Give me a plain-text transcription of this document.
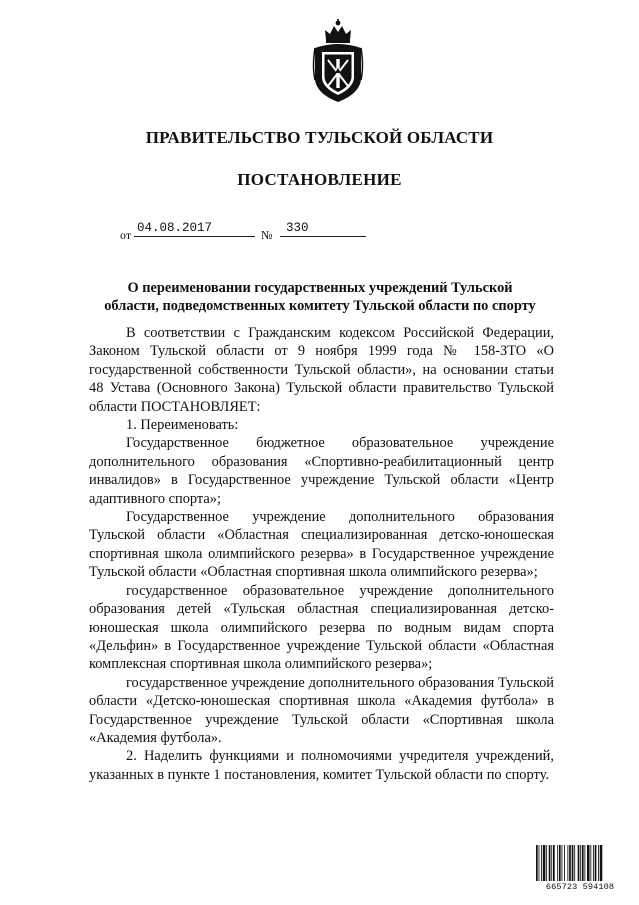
ПРАВИТЕЛЬСТВО ТУЛЬСКОЙ ОБЛАСТИ
ПОСТАНОВЛЕНИЕ
от 04.08.2017	№ 330
О переименовании государственных учреждений Тульской области, подведомственных комитету Тульской области по спорту

В соответствии с Гражданским кодексом Российской Федерации, Законом Тульской области от 9 ноября 1999 года № 158-ЗТО «О государственной собственности Тульской области», на основании статьи 48 Устава (Основного Закона) Тульской области правительство Тульской области ПОСТАНОВЛЯЕТ:

1. Переименовать:

Государственное бюджетное образовательное учреждение дополнительного образования «Спортивно-реабилитационный центр инвалидов» в Государственное учреждение Тульской области «Центр адаптивного спорта»;

Государственное учреждение дополнительного образования Тульской области «Областная специализированная детско-юношеская спортивная школа олимпийского резерва» в Государственное учреждение Тульской области «Областная спортивная школа олимпийского резерва»;

государственное образовательное учреждение дополнительного образования детей «Тульская областная специализированная детско-юношеская школа олимпийского резерва по водным видам спорта «Дельфин» в Государственное учреждение Тульской области «Областная комплексная спортивная школа олимпийского резерва»;

государственное учреждение дополнительного образования Тульской области «Детско-юношеская спортивная школа «Академия футбола» в Государственное учреждение Тульской области «Спортивная школа «Академия футбола».

2. Наделить функциями и полномочиями учредителя учреждений, указанных в пункте 1 постановления, комитет Тульской области по спорту.

665723 594108
